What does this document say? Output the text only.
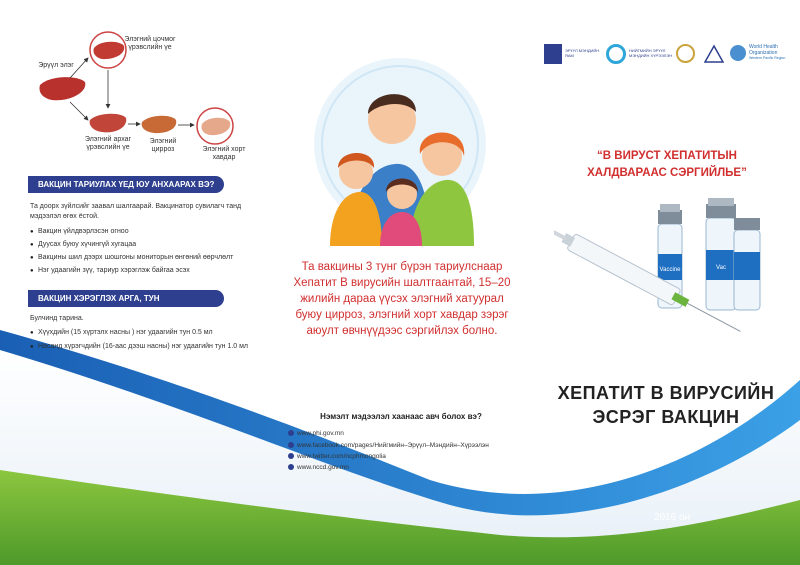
Эрүүл элэг
Элэгний цочмог үрэвслийн үе
Элэгний архаг үрэвслийн үе
Элэгний цирроз	Элэгний хорт хавдар
ВАКЦИН ТАРИУЛАХ ҮЕД ЮУ АНХААРАХ ВЭ?
Та доорх зүйлсийг заавал шалгаарай. Вакцинатор сувилагч танд мэдээлэл өгөх ёстой.
● Вакцин үйлдвэрлэсэн огноо
● Дуусах буюу хүчингүй хугацаа
● Вакцины шил дээрх шошгоны мониторын өнгөний өөрчлөлт
● Нэг удаагийн зүү, тариур хэрэглэж байгаа эсэх
ВАКЦИН ХЭРЭГЛЭХ АРГА, ТУН
Булчинд тарина.
● Хүүхдийн (15 хүртэлх насны ) нэг удаагийн тун 0.5 мл
● Насанд хүрэгчдийн (16-аас дээш насны) нэг удаагийн тун 1.0 мл
Та вакцины 3 тунг бүрэн тариулснаар Хепатит В вирусийн шалтгаантай, 15–20 жилийн дараа үүсэх элэгний хатуурал буюу цирроз, элэгний хорт хавдар зэрэг аюулт өвчнүүдээс сэргийлэх болно.
Нэмэлт мэдээлэл хаанаас авч болох вэ?
www.phi.gov.mn
www.facebook.com/pages/Нийгмийн–Эрүүл–Мэндийн–Хүрээлэн
www.twitter.com/ncphmongolia
www.nccd.gov.mn
ЭРҮҮЛ МЭНДИЙН ЯАМ
НИЙГМИЙН ЭРҮҮЛ МЭНДИЙН ХҮРЭЭЛЭН
World Health
Organization
Western Pacific Region
“В ВИРУСТ ХЕПАТИТЫН ХАЛДВАРААС СЭРГИЙЛЬЕ”
Vaccine	Vac
ХЕПАТИТ В ВИРУСИЙН
ЭСРЭГ ВАКЦИН
2016 он
